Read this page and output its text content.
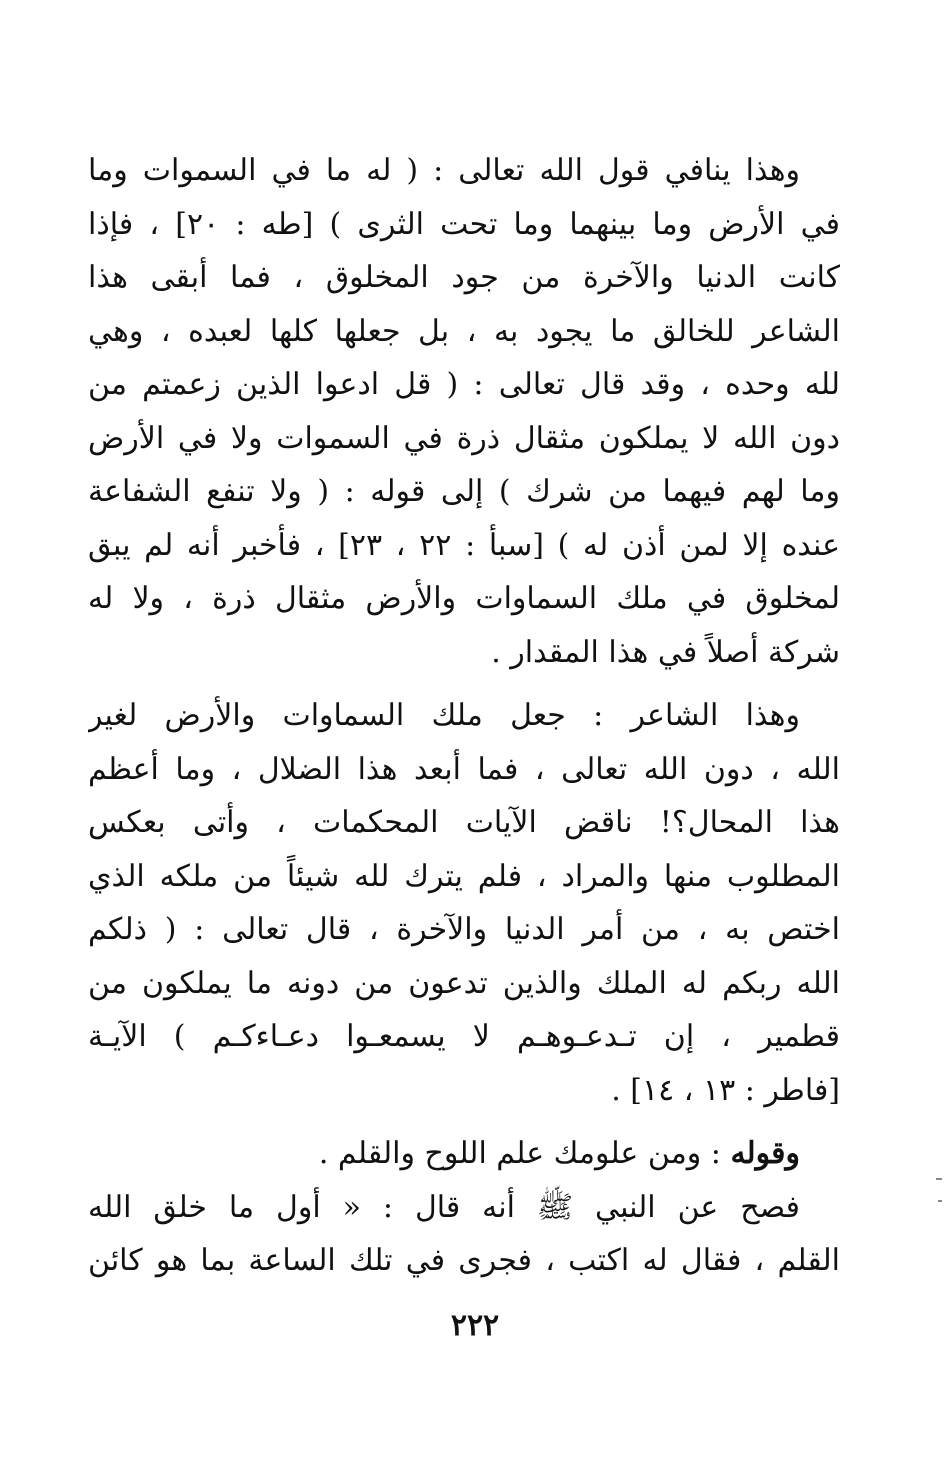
وهذا ينافي قول الله تعالى : ( له ما في السموات وما
في الأرض وما بينهما وما تحت الثرى ) [طه : ٢٠] ، فإذا
كانت الدنيا والآخرة من جود المخلوق ، فما أبقى هذا
الشاعر للخالق ما يجود به ، بل جعلها كلها لعبده ، وهي
لله وحده ، وقد قال تعالى : ( قل ادعوا الذين زعمتم من
دون الله لا يملكون مثقال ذرة في السموات ولا في الأرض
وما لهم فيهما من شرك ) إلى قوله : ( ولا تنفع الشفاعة
عنده إلا لمن أذن له ) [سبأ : ٢٢ ، ٢٣] ، فأخبر أنه لم يبق
لمخلوق في ملك السماوات والأرض مثقال ذرة ، ولا له
شركة أصلاً في هذا المقدار .
وهذا الشاعر : جعل ملك السماوات والأرض لغير
الله ، دون الله تعالى ، فما أبعد هذا الضلال ، وما أعظم
هذا المحال؟! ناقض الآيات المحكمات ، وأتى بعكس
المطلوب منها والمراد ، فلم يترك لله شيئاً من ملكه الذي
اختص به ، من أمر الدنيا والآخرة ، قال تعالى : ( ذلكم
الله ربكم له الملك والذين تدعون من دونه ما يملكون من
قطمير ، إن تـدعـوهـم لا يسمعـوا دعـاءكـم ) الآيـة
[فاطر : ١٣ ، ١٤] .
وقوله : ومن علومك علم اللوح والقلم .
فصح عن النبي ﷺ أنه قال : « أول ما خلق الله
القلم ، فقال له اكتب ، فجرى في تلك الساعة بما هو كائن
٢٢٢
